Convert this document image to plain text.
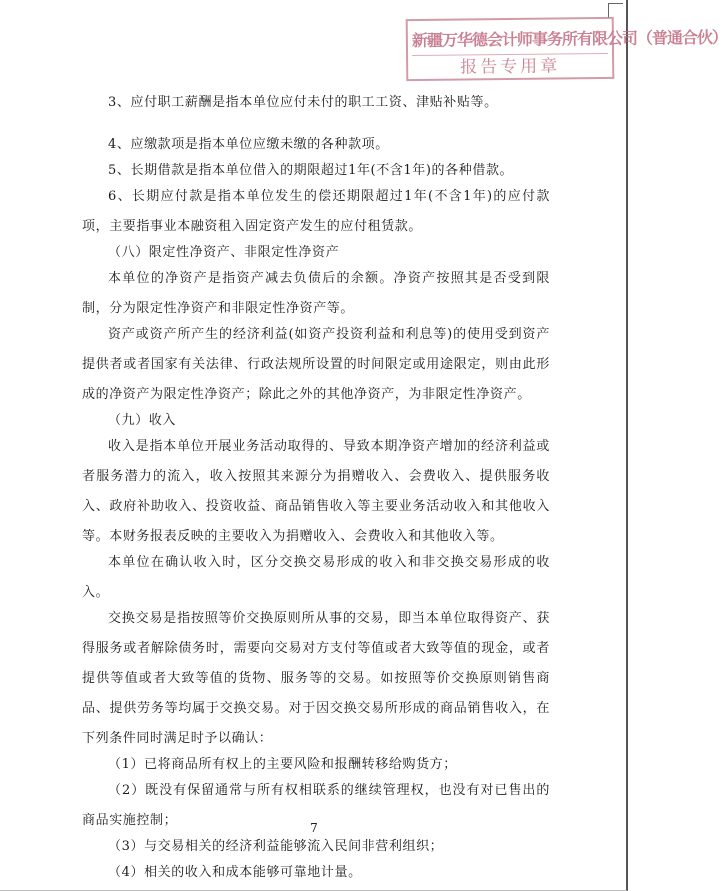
新疆万华德会计师事务所有限公司（普通合伙）
报告专用章

3、应付职工薪酬是指本单位应付未付的职工工资、津贴补贴等。

4、应缴款项是指本单位应缴未缴的各种款项。

5、长期借款是指本单位借入的期限超过1年(不含1年)的各种借款。

6、长期应付款是指本单位发生的偿还期限超过1年(不含1年)的应付款项，主要指事业本融资租入固定资产发生的应付租赁款。

（八）限定性净资产、非限定性净资产

本单位的净资产是指资产减去负债后的余额。净资产按照其是否受到限制，分为限定性净资产和非限定性净资产等。

资产或资产所产生的经济利益(如资产投资利益和利息等)的使用受到资产提供者或者国家有关法律、行政法规所设置的时间限定或用途限定，则由此形成的净资产为限定性净资产；除此之外的其他净资产，为非限定性净资产。

（九）收入

收入是指本单位开展业务活动取得的、导致本期净资产增加的经济利益或者服务潜力的流入，收入按照其来源分为捐赠收入、会费收入、提供服务收入、政府补助收入、投资收益、商品销售收入等主要业务活动收入和其他收入等。本财务报表反映的主要收入为捐赠收入、会费收入和其他收入等。

本单位在确认收入时，区分交换交易形成的收入和非交换交易形成的收入。

交换交易是指按照等价交换原则所从事的交易，即当本单位取得资产、获得服务或者解除债务时，需要向交易对方支付等值或者大致等值的现金，或者提供等值或者大致等值的货物、服务等的交易。如按照等价交换原则销售商品、提供劳务等均属于交换交易。对于因交换交易所形成的商品销售收入，在下列条件同时满足时予以确认：

（1）已将商品所有权上的主要风险和报酬转移给购货方；

（2）既没有保留通常与所有权相联系的继续管理权，也没有对已售出的商品实施控制；

（3）与交易相关的经济利益能够流入民间非营利组织；

（4）相关的收入和成本能够可靠地计量。

7
